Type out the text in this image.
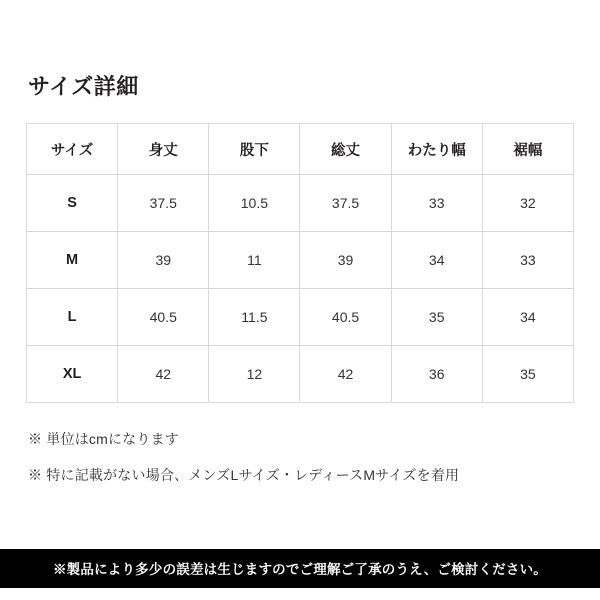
サイズ詳細
サイズ	身丈	股下	総丈	わたり幅	裾幅
S	37.5	10.5	37.5	33	32
M	39	11	39	34	33
L	40.5	11.5	40.5	35	34
XL	42	12	42	36	35

※ 単位はcmになります

※ 特に記載がない場合、メンズLサイズ・レディースMサイズを着用

※製品により多少の誤差は生じますのでご理解ご了承のうえ、ご検討ください。
